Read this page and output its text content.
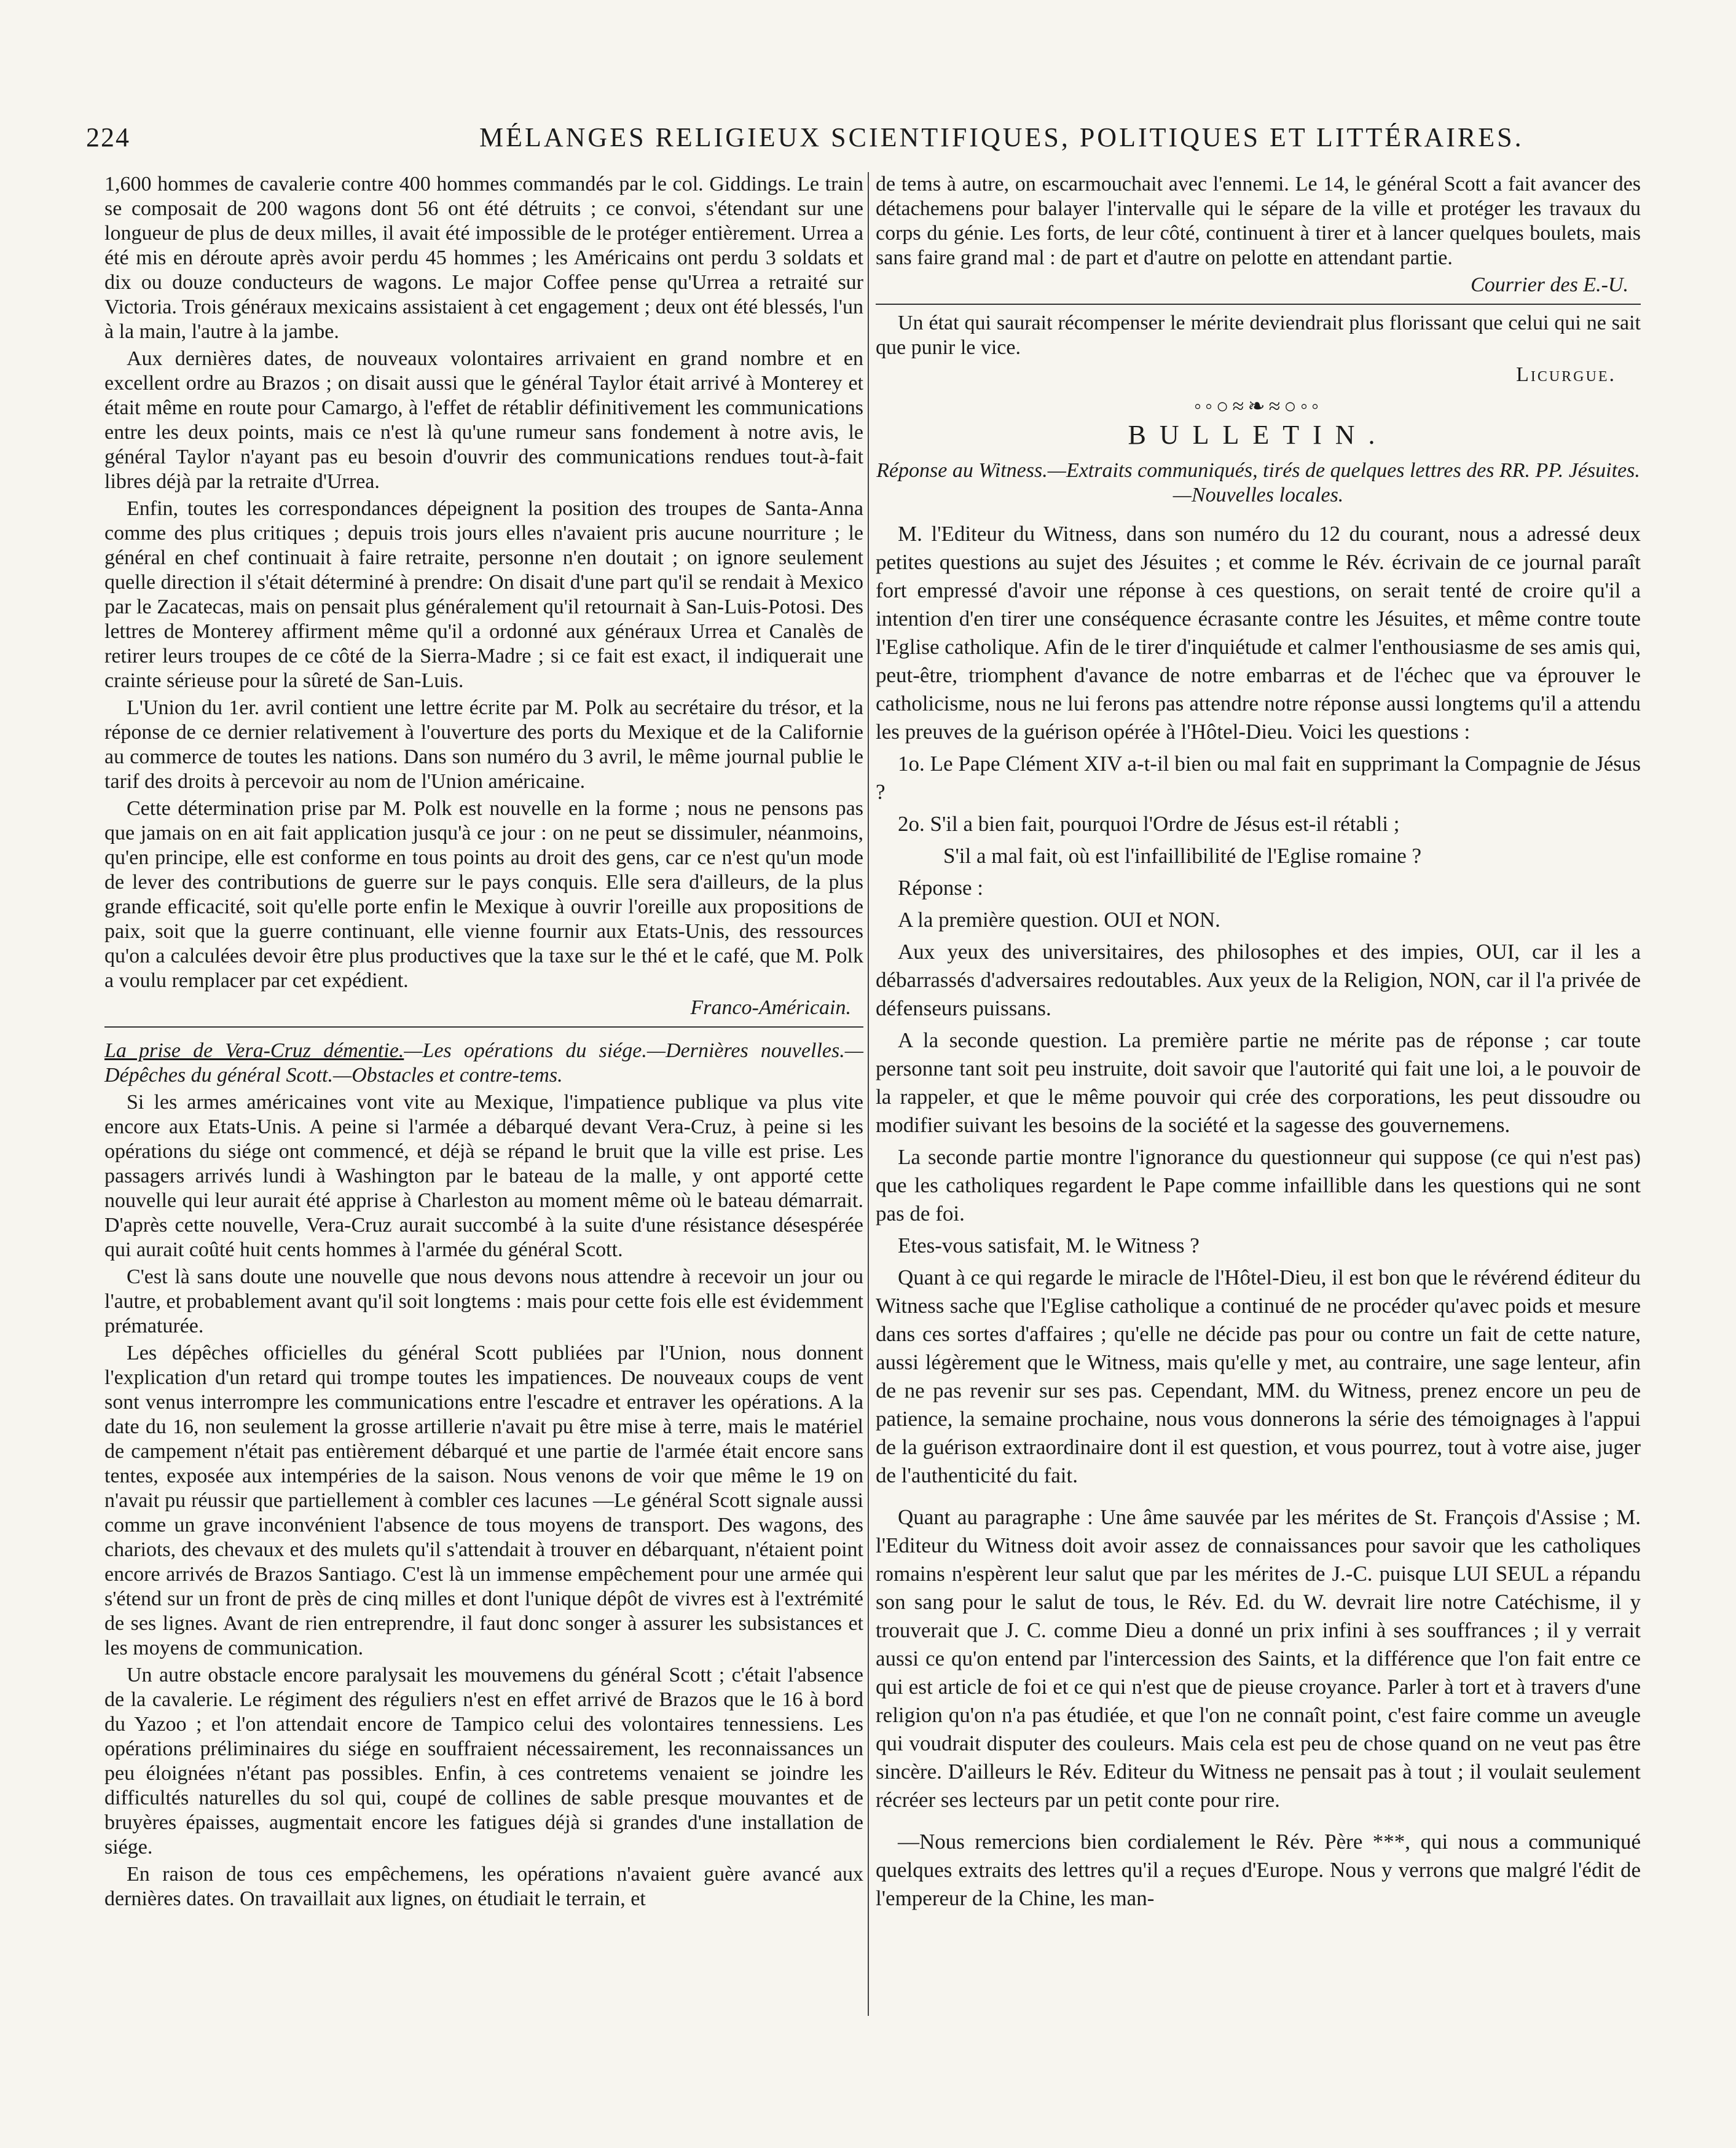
224	MÉLANGES RELIGIEUX SCIENTIFIQUES, POLITIQUES ET LITTÉRAIRES.

1,600 hommes de cavalerie contre 400 hommes commandés par le col. Giddings. Le train se composait de 200 wagons dont 56 ont été détruits ; ce convoi, s'étendant sur une longueur de plus de deux milles, il avait été impossible de le protéger entièrement. Urrea a été mis en déroute après avoir perdu 45 hommes ; les Américains ont perdu 3 soldats et dix ou douze conducteurs de wagons. Le major Coffee pense qu'Urrea a retraité sur Victoria. Trois généraux mexicains assistaient à cet engagement ; deux ont été blessés, l'un à la main, l'autre à la jambe.

Aux dernières dates, de nouveaux volontaires arrivaient en grand nombre et en excellent ordre au Brazos ; on disait aussi que le général Taylor était arrivé à Monterey et était même en route pour Camargo, à l'effet de rétablir définitivement les communications entre les deux points, mais ce n'est là qu'une rumeur sans fondement à notre avis, le général Taylor n'ayant pas eu besoin d'ouvrir des communications rendues tout-à-fait libres déjà par la retraite d'Urrea.

Enfin, toutes les correspondances dépeignent la position des troupes de Santa-Anna comme des plus critiques ; depuis trois jours elles n'avaient pris aucune nourriture ; le général en chef continuait à faire retraite, personne n'en doutait ; on ignore seulement quelle direction il s'était déterminé à prendre: On disait d'une part qu'il se rendait à Mexico par le Zacatecas, mais on pensait plus généralement qu'il retournait à San-Luis-Potosi. Des lettres de Monterey affirment même qu'il a ordonné aux généraux Urrea et Canalès de retirer leurs troupes de ce côté de la Sierra-Madre ; si ce fait est exact, il indiquerait une crainte sérieuse pour la sûreté de San-Luis.

L'Union du 1er. avril contient une lettre écrite par M. Polk au secrétaire du trésor, et la réponse de ce dernier relativement à l'ouverture des ports du Mexique et de la Californie au commerce de toutes les nations. Dans son numéro du 3 avril, le même journal publie le tarif des droits à percevoir au nom de l'Union américaine.

Cette détermination prise par M. Polk est nouvelle en la forme ; nous ne pensons pas que jamais on en ait fait application jusqu'à ce jour : on ne peut se dissimuler, néanmoins, qu'en principe, elle est conforme en tous points au droit des gens, car ce n'est qu'un mode de lever des contributions de guerre sur le pays conquis. Elle sera d'ailleurs, de la plus grande efficacité, soit qu'elle porte enfin le Mexique à ouvrir l'oreille aux propositions de paix, soit que la guerre continuant, elle vienne fournir aux Etats-Unis, des ressources qu'on a calculées devoir être plus productives que la taxe sur le thé et le café, que M. Polk a voulu remplacer par cet expédient.

Franco-Américain.

La prise de Vera-Cruz démentie.—Les opérations du siége.—Dernières nouvelles.—Dépêches du général Scott.—Obstacles et contre-tems.

Si les armes américaines vont vite au Mexique, l'impatience publique va plus vite encore aux Etats-Unis. A peine si l'armée a débarqué devant Vera-Cruz, à peine si les opérations du siége ont commencé, et déjà se répand le bruit que la ville est prise. Les passagers arrivés lundi à Washington par le bateau de la malle, y ont apporté cette nouvelle qui leur aurait été apprise à Charleston au moment même où le bateau démarrait. D'après cette nouvelle, Vera-Cruz aurait succombé à la suite d'une résistance désespérée qui aurait coûté huit cents hommes à l'armée du général Scott.

C'est là sans doute une nouvelle que nous devons nous attendre à recevoir un jour ou l'autre, et probablement avant qu'il soit longtems : mais pour cette fois elle est évidemment prématurée.

Les dépêches officielles du général Scott publiées par l'Union, nous donnent l'explication d'un retard qui trompe toutes les impatiences. De nouveaux coups de vent sont venus interrompre les communications entre l'escadre et entraver les opérations. A la date du 16, non seulement la grosse artillerie n'avait pu être mise à terre, mais le matériel de campement n'était pas entièrement débarqué et une partie de l'armée était encore sans tentes, exposée aux intempéries de la saison. Nous venons de voir que même le 19 on n'avait pu réussir que partiellement à combler ces lacunes —Le général Scott signale aussi comme un grave inconvénient l'absence de tous moyens de transport. Des wagons, des chariots, des chevaux et des mulets qu'il s'attendait à trouver en débarquant, n'étaient point encore arrivés de Brazos Santiago. C'est là un immense empêchement pour une armée qui s'étend sur un front de près de cinq milles et dont l'unique dépôt de vivres est à l'extrémité de ses lignes. Avant de rien entreprendre, il faut donc songer à assurer les subsistances et les moyens de communication.

Un autre obstacle encore paralysait les mouvemens du général Scott ; c'était l'absence de la cavalerie. Le régiment des réguliers n'est en effet arrivé de Brazos que le 16 à bord du Yazoo ; et l'on attendait encore de Tampico celui des volontaires tennessiens. Les opérations préliminaires du siége en souffraient nécessairement, les reconnaissances un peu éloignées n'étant pas possibles. Enfin, à ces contretems venaient se joindre les difficultés naturelles du sol qui, coupé de collines de sable presque mouvantes et de bruyères épaisses, augmentait encore les fatigues déjà si grandes d'une installation de siége.

En raison de tous ces empêchemens, les opérations n'avaient guère avancé aux dernières dates. On travaillait aux lignes, on étudiait le terrain, et

de tems à autre, on escarmouchait avec l'ennemi. Le 14, le général Scott a fait avancer des détachemens pour balayer l'intervalle qui le sépare de la ville et protéger les travaux du corps du génie. Les forts, de leur côté, continuent à tirer et à lancer quelques boulets, mais sans faire grand mal : de part et d'autre on pelotte en attendant partie.

Courrier des E.-U.

Un état qui saurait récompenser le mérite deviendrait plus florissant que celui qui ne sait que punir le vice.

Licurgue.

◦◦○≈❧≈○◦◦
BULLETIN.

Réponse au Witness.—Extraits communiqués, tirés de quelques lettres des RR. PP. Jésuites.—Nouvelles locales.

M. l'Editeur du Witness, dans son numéro du 12 du courant, nous a adressé deux petites questions au sujet des Jésuites ; et comme le Rév. écrivain de ce journal paraît fort empressé d'avoir une réponse à ces questions, on serait tenté de croire qu'il a intention d'en tirer une conséquence écrasante contre les Jésuites, et même contre toute l'Eglise catholique. Afin de le tirer d'inquiétude et calmer l'enthousiasme de ses amis qui, peut-être, triomphent d'avance de notre embarras et de l'échec que va éprouver le catholicisme, nous ne lui ferons pas attendre notre réponse aussi longtems qu'il a attendu les preuves de la guérison opérée à l'Hôtel-Dieu. Voici les questions :

1o. Le Pape Clément XIV a-t-il bien ou mal fait en supprimant la Compagnie de Jésus ?

2o. S'il a bien fait, pourquoi l'Ordre de Jésus est-il rétabli ;

S'il a mal fait, où est l'infaillibilité de l'Eglise romaine ?

Réponse :

A la première question. OUI et NON.

Aux yeux des universitaires, des philosophes et des impies, OUI, car il les a débarrassés d'adversaires redoutables. Aux yeux de la Religion, NON, car il l'a privée de défenseurs puissans.

A la seconde question. La première partie ne mérite pas de réponse ; car toute personne tant soit peu instruite, doit savoir que l'autorité qui fait une loi, a le pouvoir de la rappeler, et que le même pouvoir qui crée des corporations, les peut dissoudre ou modifier suivant les besoins de la société et la sagesse des gouvernemens.

La seconde partie montre l'ignorance du questionneur qui suppose (ce qui n'est pas) que les catholiques regardent le Pape comme infaillible dans les questions qui ne sont pas de foi.

Etes-vous satisfait, M. le Witness ?

Quant à ce qui regarde le miracle de l'Hôtel-Dieu, il est bon que le révérend éditeur du Witness sache que l'Eglise catholique a continué de ne procéder qu'avec poids et mesure dans ces sortes d'affaires ; qu'elle ne décide pas pour ou contre un fait de cette nature, aussi légèrement que le Witness, mais qu'elle y met, au contraire, une sage lenteur, afin de ne pas revenir sur ses pas. Cependant, MM. du Witness, prenez encore un peu de patience, la semaine prochaine, nous vous donnerons la série des témoignages à l'appui de la guérison extraordinaire dont il est question, et vous pourrez, tout à votre aise, juger de l'authenticité du fait.

Quant au paragraphe : Une âme sauvée par les mérites de St. François d'Assise ; M. l'Editeur du Witness doit avoir assez de connaissances pour savoir que les catholiques romains n'espèrent leur salut que par les mérites de J.-C. puisque LUI SEUL a répandu son sang pour le salut de tous, le Rév. Ed. du W. devrait lire notre Catéchisme, il y trouverait que J. C. comme Dieu a donné un prix infini à ses souffrances ; il y verrait aussi ce qu'on entend par l'intercession des Saints, et la différence que l'on fait entre ce qui est article de foi et ce qui n'est que de pieuse croyance. Parler à tort et à travers d'une religion qu'on n'a pas étudiée, et que l'on ne connaît point, c'est faire comme un aveugle qui voudrait disputer des couleurs. Mais cela est peu de chose quand on ne veut pas être sincère. D'ailleurs le Rév. Editeur du Witness ne pensait pas à tout ; il voulait seulement récréer ses lecteurs par un petit conte pour rire.

—Nous remercions bien cordialement le Rév. Père ***, qui nous a communiqué quelques extraits des lettres qu'il a reçues d'Europe. Nous y verrons que malgré l'édit de l'empereur de la Chine, les man-
